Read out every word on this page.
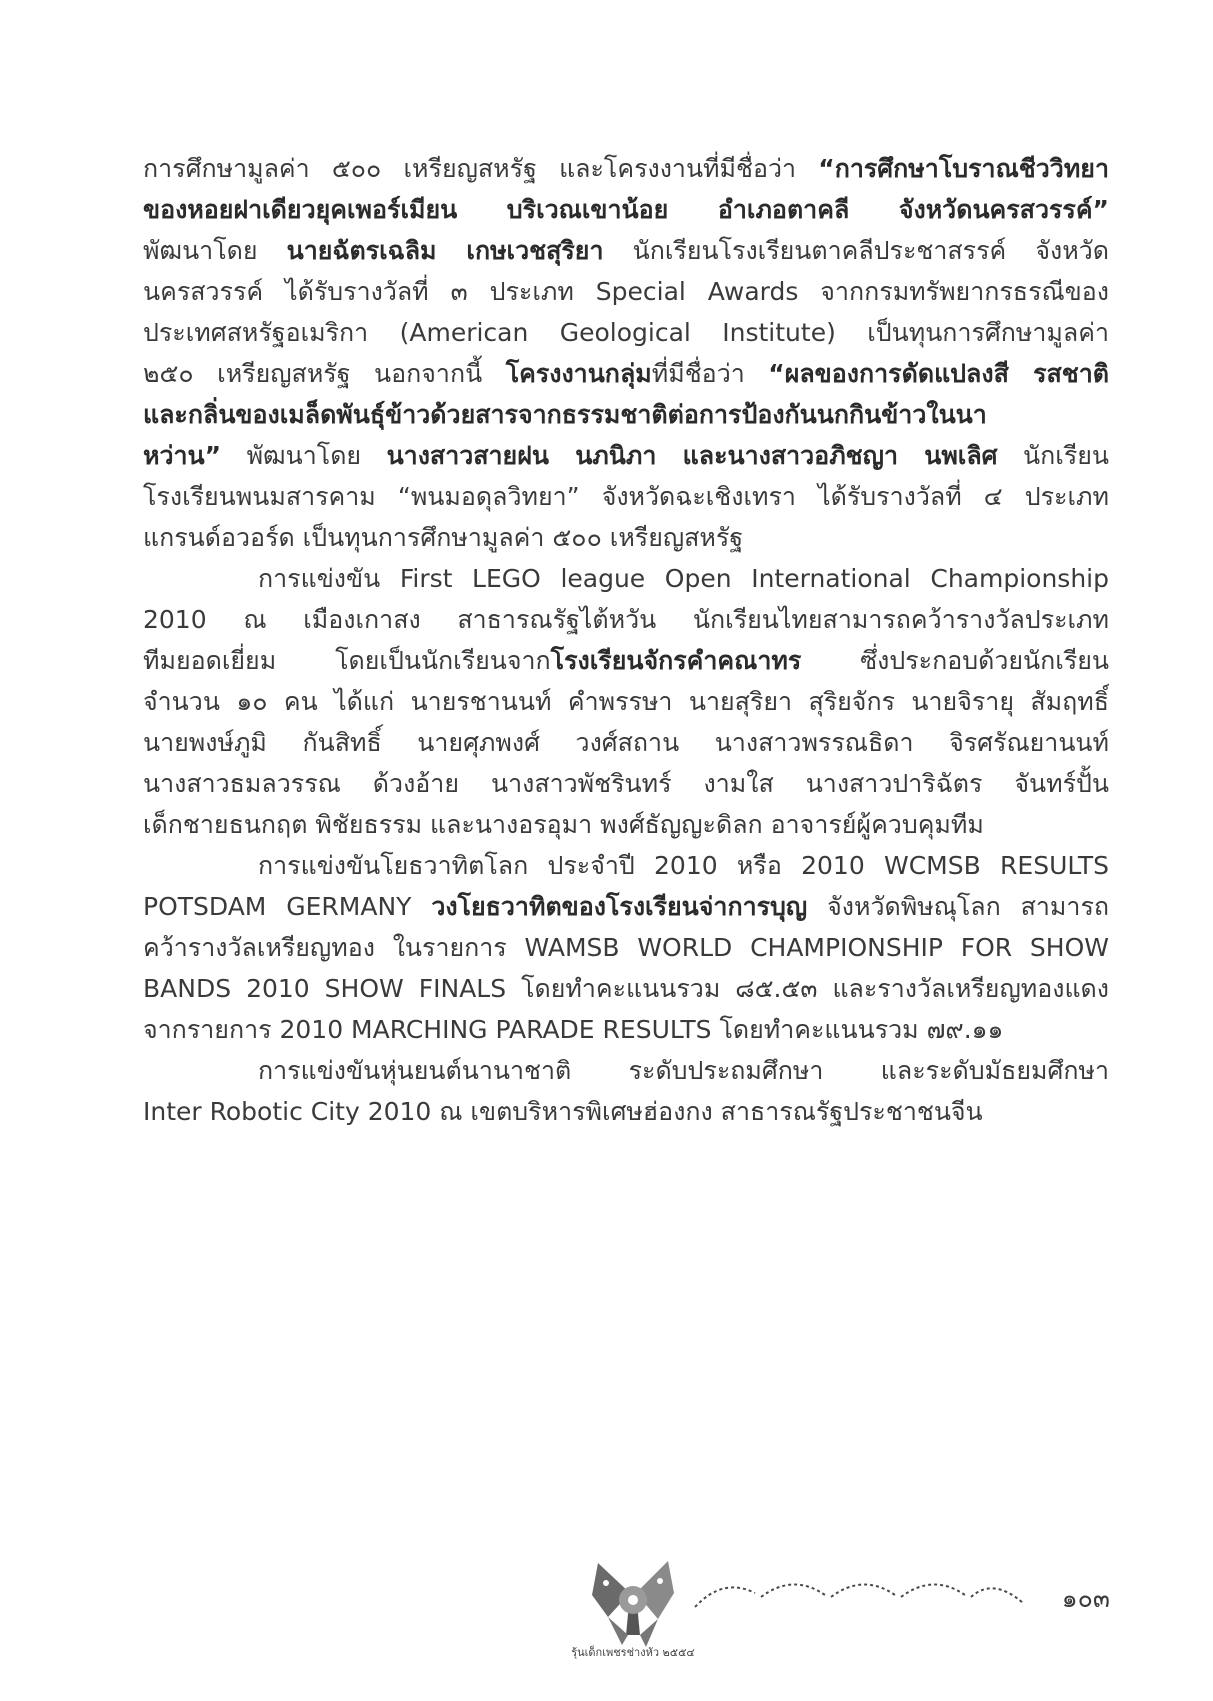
การศึกษามูลค่า ๕๐๐ เหรียญสหรัฐ และโครงงานที่มีชื่อว่า “การศึกษาโบราณชีววิทยา
ของหอยฝาเดียวยุคเพอร์เมียน บริเวณเขาน้อย อำเภอตาคลี จังหวัดนครสวรรค์”
พัฒนาโดย นายฉัตรเฉลิม เกษเวชสุริยา นักเรียนโรงเรียนตาคลีประชาสรรค์ จังหวัด
นครสวรรค์ ได้รับรางวัลที่ ๓ ประเภท Special Awards จากกรมทรัพยากรธรณีของ
ประเทศสหรัฐอเมริกา (American Geological Institute) เป็นทุนการศึกษามูลค่า
๒๕๐ เหรียญสหรัฐ นอกจากนี้ โครงงานกลุ่มที่มีชื่อว่า “ผลของการดัดแปลงสี รสชาติ
และกลิ่นของเมล็ดพันธุ์ข้าวด้วยสารจากธรรมชาติต่อการป้องกันนกกินข้าวในนา
หว่าน” พัฒนาโดย นางสาวสายฝน นภนิภา และนางสาวอภิชญา นพเลิศ นักเรียน
โรงเรียนพนมสารคาม “พนมอดุลวิทยา” จังหวัดฉะเชิงเทรา ได้รับรางวัลที่ ๔ ประเภท
แกรนด์อวอร์ด เป็นทุนการศึกษามูลค่า ๕๐๐ เหรียญสหรัฐ
การแข่งขัน First LEGO league Open International Championship
2010 ณ เมืองเกาสง สาธารณรัฐไต้หวัน นักเรียนไทยสามารถคว้ารางวัลประเภท
ทีมยอดเยี่ยม โดยเป็นนักเรียนจากโรงเรียนจักรคำคณาทร ซึ่งประกอบด้วยนักเรียน
จำนวน ๑๐ คน ได้แก่ นายรชานนท์ คำพรรษา นายสุริยา สุริยจักร นายจิรายุ สัมฤทธิ์
นายพงษ์ภูมิ กันสิทธิ์ นายศุภพงศ์ วงศ์สถาน นางสาวพรรณธิดา จิรศรัณยานนท์
นางสาวธมลวรรณ ด้วงอ้าย นางสาวพัชรินทร์ งามใส นางสาวปาริฉัตร จันทร์ปั้น
เด็กชายธนกฤต พิชัยธรรม และนางอรอุมา พงศ์ธัญญะดิลก อาจารย์ผู้ควบคุมทีม
การแข่งขันโยธวาทิตโลก ประจำปี 2010 หรือ 2010 WCMSB RESULTS
POTSDAM GERMANY วงโยธวาทิตของโรงเรียนจ่าการบุญ จังหวัดพิษณุโลก สามารถ
คว้ารางวัลเหรียญทอง ในรายการ WAMSB WORLD CHAMPIONSHIP FOR SHOW
BANDS 2010 SHOW FINALS โดยทำคะแนนรวม ๘๕.๕๓ และรางวัลเหรียญทองแดง
จากรายการ 2010 MARCHING PARADE RESULTS โดยทำคะแนนรวม ๗๙.๑๑
การแข่งขันหุ่นยนต์นานาชาติ ระดับประถมศึกษา และระดับมัธยมศึกษา
Inter Robotic City 2010 ณ เขตบริหารพิเศษฮ่องกง สาธารณรัฐประชาชนจีน
รุ้นเด็กเพชรช่างหัว ๒๕๕๔
๑๐๓
